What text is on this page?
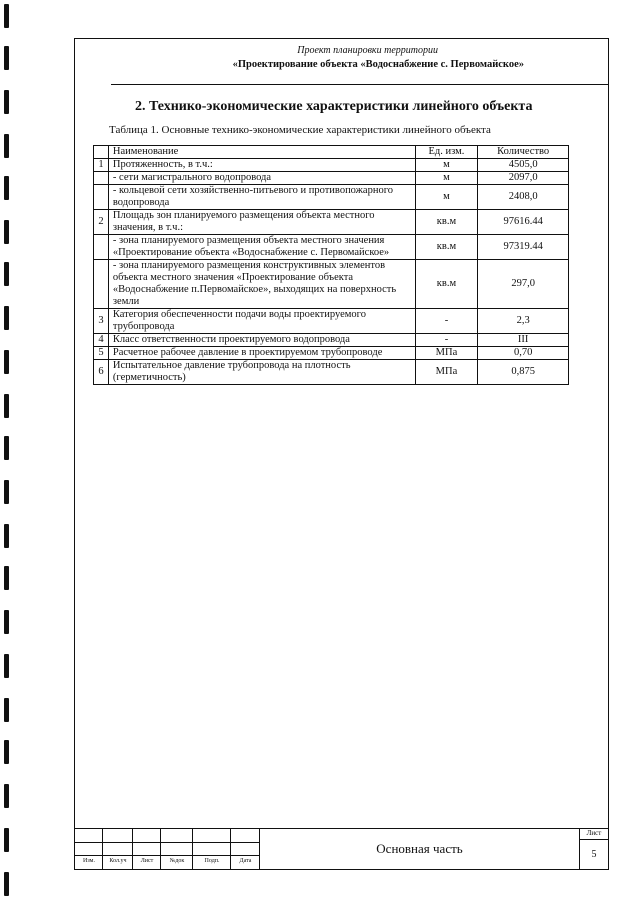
Проект планировки территории
«Проектирование объекта «Водоснабжение с. Первомайское»
2. Технико-экономические характеристики линейного объекта
Таблица 1. Основные технико-экономические характеристики линейного объекта
	Наименование	Ед. изм.	Количество
1	Протяженность, в т.ч.:	м	4505,0
	- сети магистрального водопровода	м	2097,0
	- кольцевой сети хозяйственно-питьевого и противопожарного водопровода	м	2408,0
2	Площадь зон планируемого размещения объекта местного значения, в т.ч.:	кв.м	97616.44
	- зона планируемого размещения объекта местного значения «Проектирование объекта «Водоснабжение с. Первомайское»	кв.м	97319.44
	- зона планируемого размещения конструктивных элементов объекта местного значения «Проектирование объекта «Водоснабжение п.Первомайское», выходящих на поверхность земли	кв.м	297,0
3	Категория обеспеченности подачи воды проектируемого трубопровода	-	2,3
4	Класс ответственности проектируемого водопровода	-	III
5	Расчетное рабочее давление в проектируемом трубопроводе	МПа	0,70
6	Испытательное давление трубопровода на плотность (герметичность)	МПа	0,875
Изм.	Кол.уч	Лист	№док	Подп.	Дата
Основная часть
Лист
5
